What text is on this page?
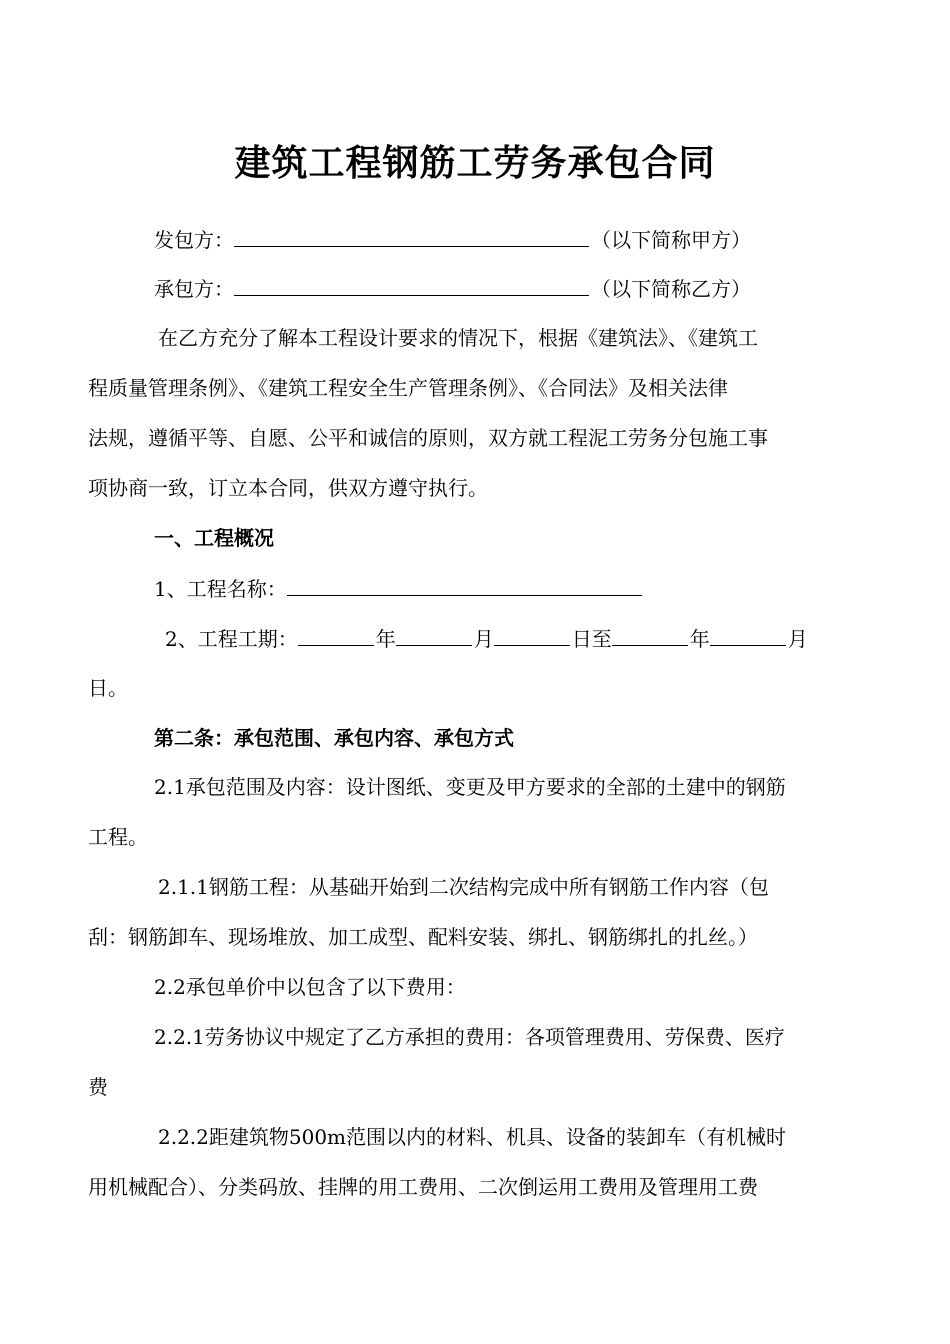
建筑工程钢筋工劳务承包合同
发包方：	（以下简称甲方）
承包方：	（以下简称乙方）
在乙方充分了解本工程设计要求的情况下，根据《建筑法》、《建筑工
程质量管理条例》、《建筑工程安全生产管理条例》、《合同法》及相关法律
法规，遵循平等、自愿、公平和诚信的原则，双方就工程泥工劳务分包施工事
项协商一致，订立本合同，供双方遵守执行。
一、工程概况
1、工程名称：
2、工程工期：	年	月	日至	年	月
日。
第二条：承包范围、承包内容、承包方式
2.1承包范围及内容：设计图纸、变更及甲方要求的全部的土建中的钢筋
工程。
2.1.1钢筋工程：从基础开始到二次结构完成中所有钢筋工作内容（包
刮：钢筋卸车、现场堆放、加工成型、配料安装、绑扎、钢筋绑扎的扎丝。）
2.2承包单价中以包含了以下费用：
2.2.1劳务协议中规定了乙方承担的费用：各项管理费用、劳保费、医疗
费
2.2.2距建筑物500m范围以内的材料、机具、设备的装卸车（有机械时
用机械配合）、分类码放、挂牌的用工费用、二次倒运用工费用及管理用工费
